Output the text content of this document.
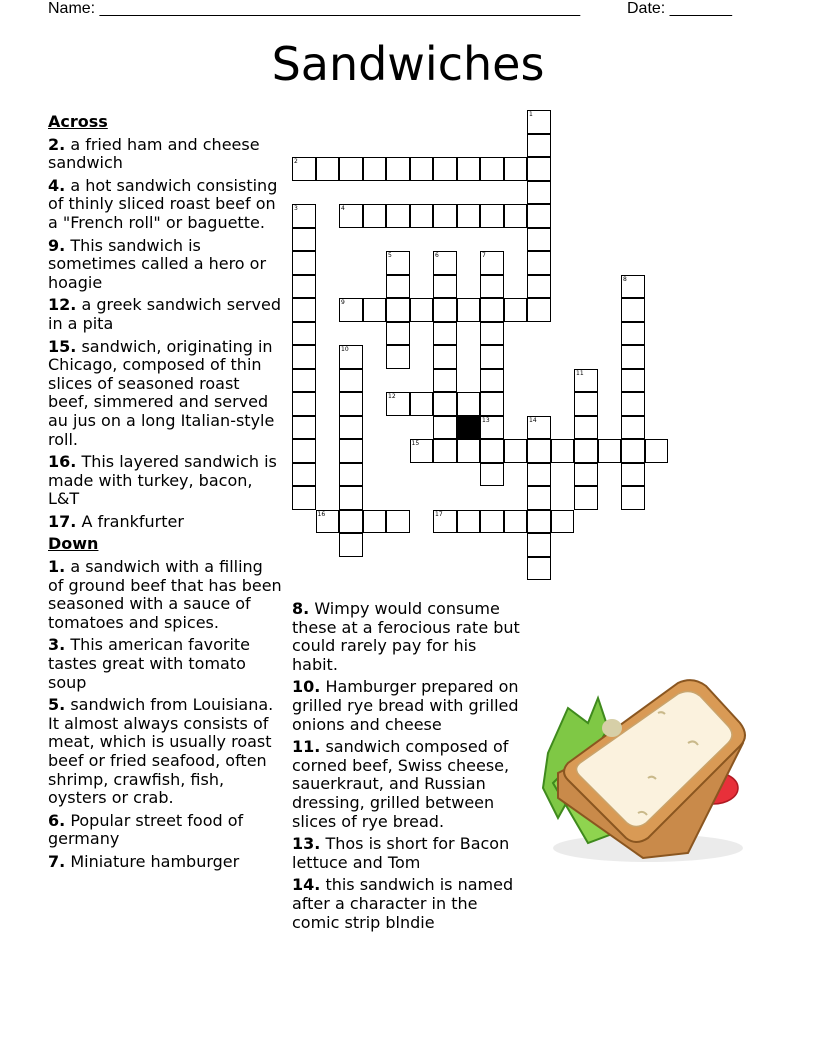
Name: ______________________________________________________	Date: _______
Sandwiches
Across
2. a fried ham and cheese sandwich
4. a hot sandwich consisting of thinly sliced roast beef on a "French roll" or baguette.
9. This sandwich is sometimes called a hero or hoagie
12. a greek sandwich served in a pita
15. sandwich, originating in Chicago, composed of thin slices of seasoned roast beef, simmered and served au jus on a long Italian-style roll.
16. This layered sandwich is made with turkey, bacon, L&T
17. A frankfurter
Down
1. a sandwich with a filling of ground beef that has been seasoned with a sauce of tomatoes and spices.
3. This american favorite tastes great with tomato soup
5. sandwich from Louisiana. It almost always consists of meat, which is usually roast beef or fried seafood, often shrimp, crawfish, fish, oysters or crab.
6. Popular street food of germany
7. Miniature hamburger
8. Wimpy would consume these at a ferocious rate but could rarely pay for his habit.
10. Hamburger prepared on grilled rye bread with grilled onions and cheese
11. sandwich composed of corned beef, Swiss cheese, sauerkraut, and Russian dressing, grilled between slices of rye bread.
13. Thos is short for Bacon lettuce and Tom
14. this sandwich is named after a character in the comic strip blndie
1
2
3	4
5	6	7
13
8
9
10
11
12
14
15
16	17
